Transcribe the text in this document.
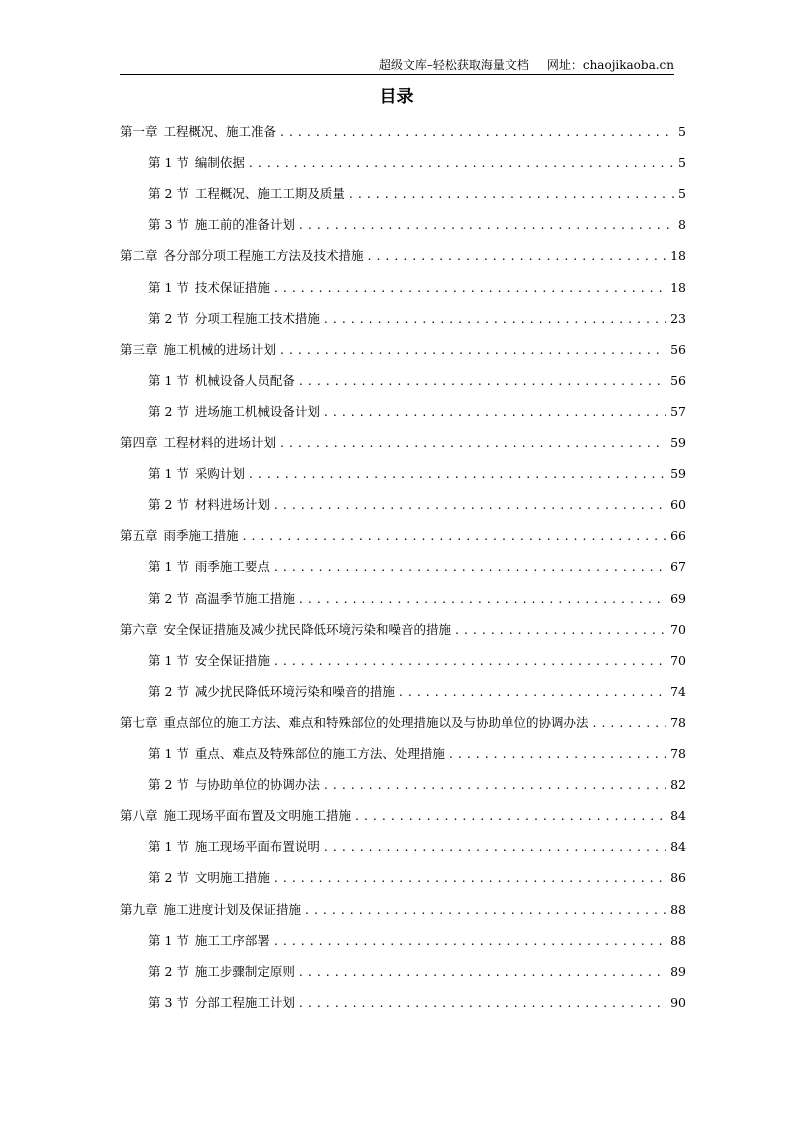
超级文库–轻松获取海量文档 网址：chaojikaoba.cn
目录
第一章 工程概况、施工准备 . . .	5
第 1 节 编制依据 . . .	5
第 2 节 工程概况、施工工期及质量 . . .	5
第 3 节 施工前的准备计划 . . .	8
第二章 各分部分项工程施工方法及技术措施 . . .	18
第 1 节 技术保证措施 . . .	18
第 2 节 分项工程施工技术措施 . . .	23
第三章 施工机械的进场计划 . . .	56
第 1 节 机械设备人员配备 . . .	56
第 2 节 进场施工机械设备计划 . . .	57
第四章 工程材料的进场计划 . . .	59
第 1 节 采购计划 . . .	59
第 2 节 材料进场计划 . . .	60
第五章 雨季施工措施 . . .	66
第 1 节 雨季施工要点 . . .	67
第 2 节 高温季节施工措施 . . .	69
第六章 安全保证措施及减少扰民降低环境污染和噪音的措施 . . .	70
第 1 节 安全保证措施 . . .	70
第 2 节 减少扰民降低环境污染和噪音的措施 . . .	74
第七章 重点部位的施工方法、难点和特殊部位的处理措施以及与协助单位的协调办法 . . .	78
第 1 节 重点、难点及特殊部位的施工方法、处理措施 . . .	78
第 2 节 与协助单位的协调办法 . . .	82
第八章 施工现场平面布置及文明施工措施 . . .	84
第 1 节 施工现场平面布置说明 . . .	84
第 2 节 文明施工措施 . . .	86
第九章 施工进度计划及保证措施 . . .	88
第 1 节 施工工序部署 . . .	88
第 2 节 施工步骤制定原则 . . .	89
第 3 节 分部工程施工计划 . . .	90
